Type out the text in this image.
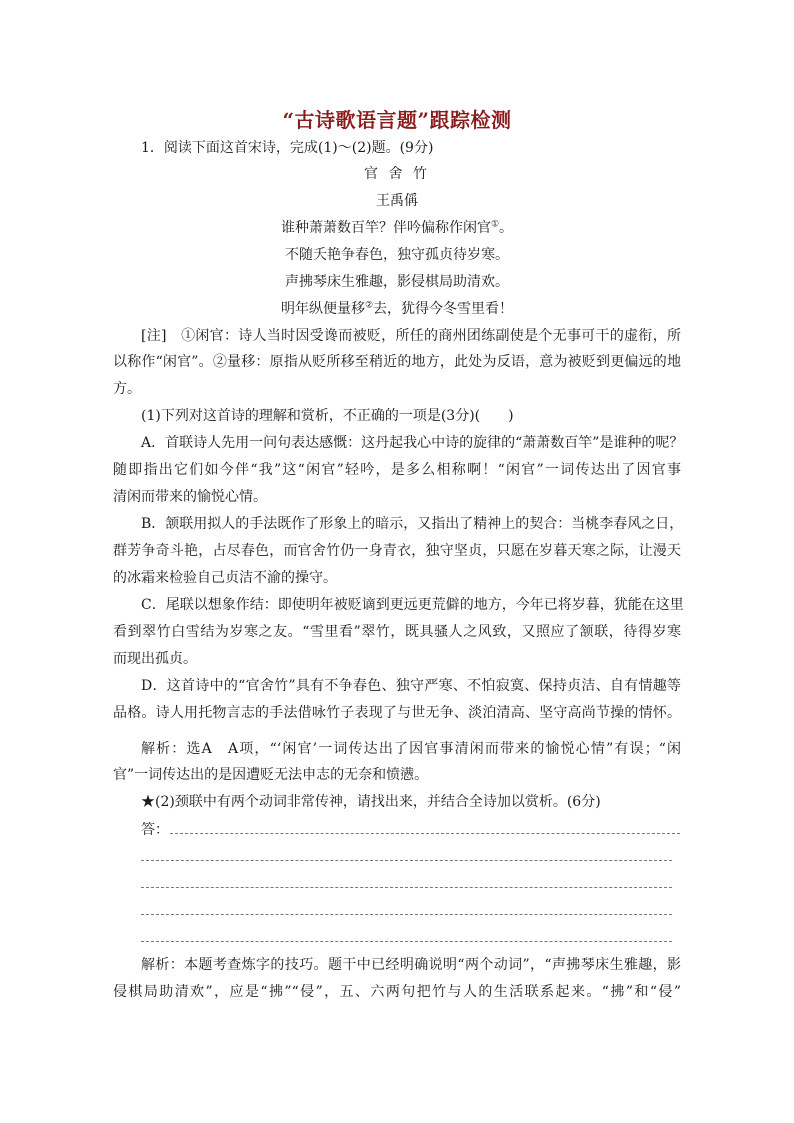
“古诗歌语言题”跟踪检测
1．阅读下面这首宋诗，完成(1)～(2)题。(9分)
官 舍 竹
王禹偁
谁种萧萧数百竿？伴吟偏称作闲官①。
不随夭艳争春色，独守孤贞待岁寒。
声拂琴床生雅趣，影侵棋局助清欢。
明年纵便量移②去，犹得今冬雪里看！
[注]　①闲官：诗人当时因受谗而被贬，所任的商州团练副使是个无事可干的虚衔，所
以称作“闲官”。②量移：原指从贬所移至稍近的地方，此处为反语，意为被贬到更偏远的地
方。
(1)下列对这首诗的理解和赏析，不正确的一项是(3分)(　　)
A．首联诗人先用一问句表达感慨：这丹起我心中诗的旋律的“萧萧数百竿”是谁种的呢？
随即指出它们如今伴“我”这“闲官”轻吟，是多么相称啊！“闲官”一词传达出了因官事
清闲而带来的愉悦心情。
B．颔联用拟人的手法既作了形象上的暗示，又指出了精神上的契合：当桃李春风之日，
群芳争奇斗艳，占尽春色，而官舍竹仍一身青衣，独守坚贞，只愿在岁暮天寒之际，让漫天
的冰霜来检验自己贞洁不渝的操守。
C．尾联以想象作结：即使明年被贬谪到更远更荒僻的地方，今年已将岁暮，犹能在这里
看到翠竹白雪结为岁寒之友。“雪里看”翠竹，既具骚人之风致，又照应了颔联，待得岁寒
而现出孤贞。
D．这首诗中的“官舍竹”具有不争春色、独守严寒、不怕寂寞、保持贞洁、自有情趣等
品格。诗人用托物言志的手法借咏竹子表现了与世无争、淡泊清高、坚守高尚节操的情怀。
解析：选A　A项，“‘闲官’一词传达出了因官事清闲而带来的愉悦心情”有误；“闲
官”一词传达出的是因遭贬无法申志的无奈和愤懑。
★(2)颈联中有两个动词非常传神，请找出来，并结合全诗加以赏析。(6分)
答：
解析：本题考查炼字的技巧。题干中已经明确说明“两个动词”，“声拂琴床生雅趣，影
侵棋局助清欢”，应是“拂”“侵”，五、六两句把竹与人的生活联系起来。“拂”和“侵”
